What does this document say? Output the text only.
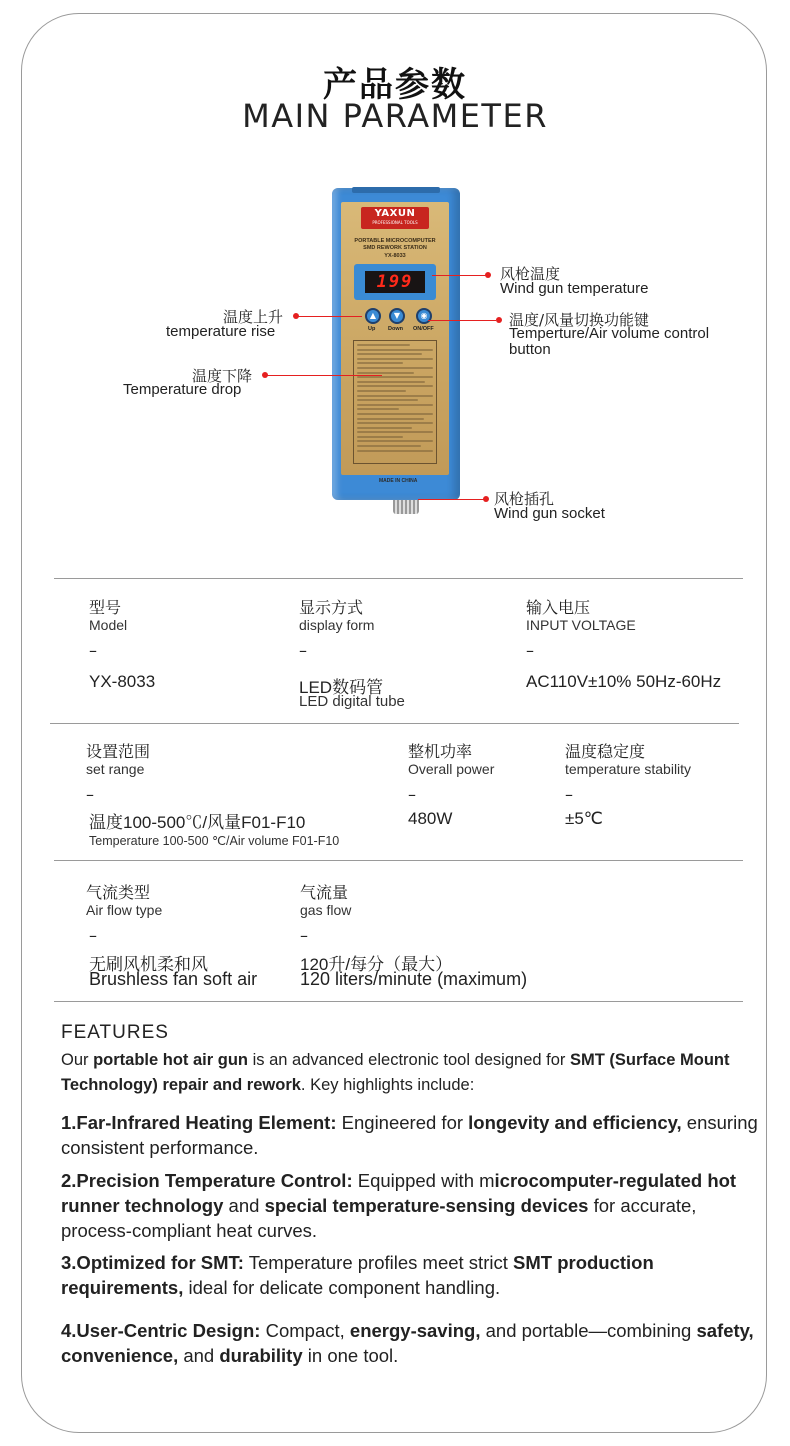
产品参数
MAIN PARAMETER
YAXUN
PROFESSIONAL TOOLS
PORTABLE MICROCOMPUTER
SMD REWORK STATION
YX-8033
199
▲	▼	◉
Up Down ON/OFF
MADE IN CHINA
风枪温度
Wind gun temperature
温度上升
temperature rise
温度/风量切换功能键
Temperture/Air volume control
button
温度下降
Temperature drop
风枪插孔
Wind gun socket
型号
Model
–
YX-8033
显示方式
display form
–
LED数码管
LED digital tube
输入电压
INPUT VOLTAGE
–
AC110V±10% 50Hz-60Hz
设置范围
set range
–
温度100-500℃/风量F01-F10
Temperature 100-500 ℃/Air volume F01-F10
整机功率
Overall power
–
480W
温度稳定度
temperature stability
–
±5℃
气流类型
Air flow type
–
无刷风机柔和风
Brushless fan soft air
气流量
gas flow
–
120升/每分（最大）
120 liters/minute (maximum)
FEATURES
Our portable hot air gun is an advanced electronic tool designed for SMT (Surface Mount Technology) repair and rework. Key highlights include:
1.Far-Infrared Heating Element: Engineered for longevity and efficiency, ensuring consistent performance.
2.Precision Temperature Control: Equipped with microcomputer-regulated hot runner technology and special temperature-sensing devices for accurate, process-compliant heat curves.
3.Optimized for SMT: Temperature profiles meet strict SMT production requirements, ideal for delicate component handling.
4.User-Centric Design: Compact, energy-saving, and portable—combining safety, convenience, and durability in one tool.
